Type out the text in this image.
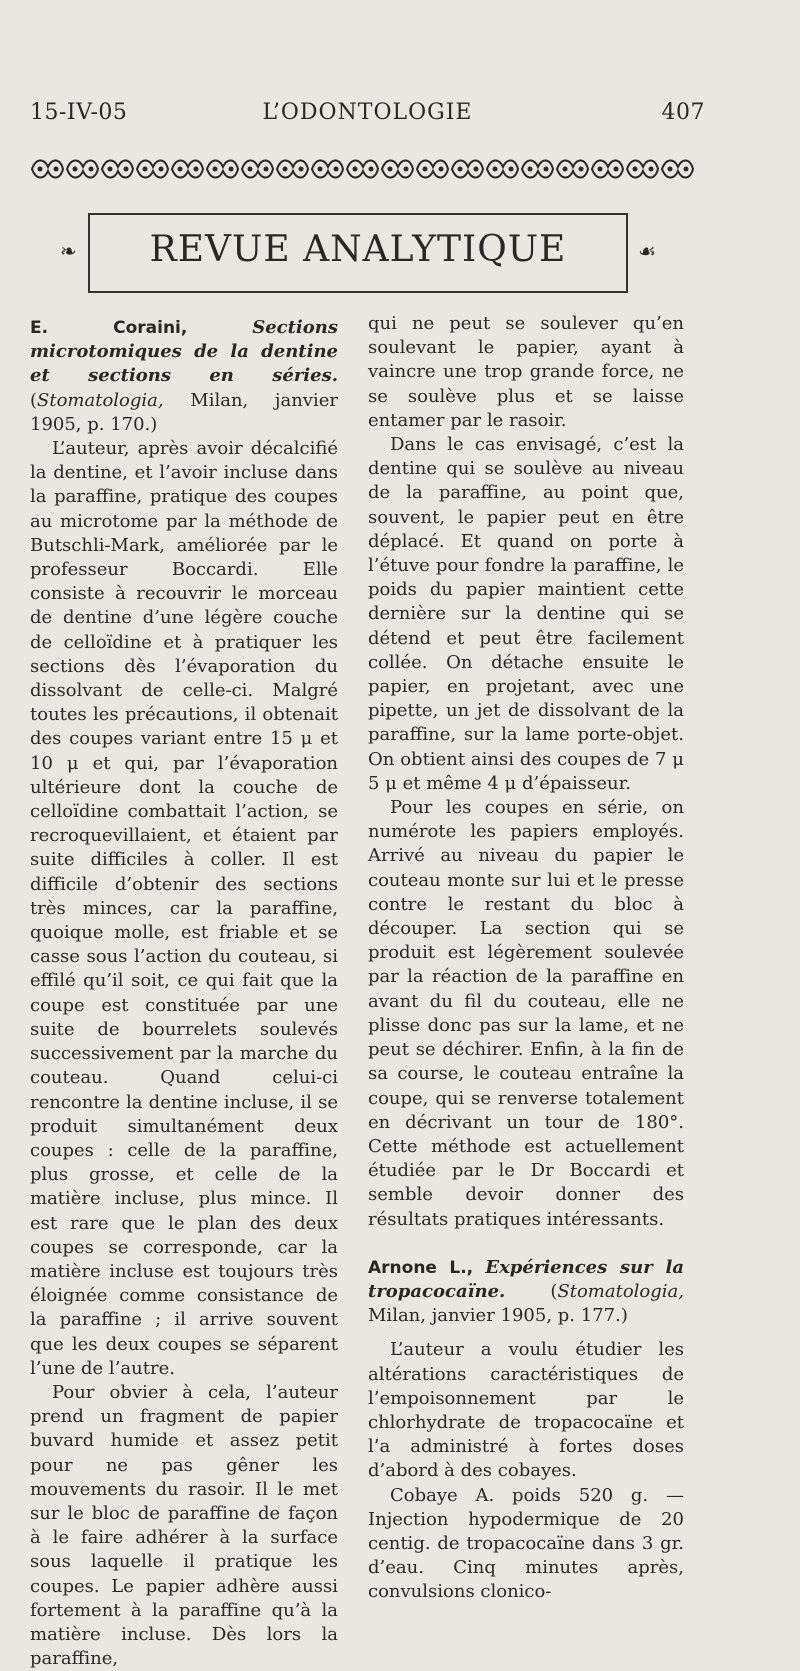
15-IV-05	L’ODONTOLOGIE	407
❧	REVUE ANALYTIQUE	☙

E. Coraini,	Sections microtomiques de la dentine et sections en séries. (Stomatologia, Milan, janvier 1905, p. 170.)

L’auteur, après avoir décalcifié la dentine, et l’avoir incluse dans la paraffine, pratique des coupes au microtome par la méthode de Butschli-Mark, améliorée par le professeur Boccardi. Elle consiste à recouvrir le morceau de dentine d’une légère couche de celloïdine et à pratiquer les sections dès l’évaporation du dissolvant de celle-ci. Malgré toutes les précautions, il obtenait des coupes variant entre 15 μ et 10 μ et qui, par l’évaporation ultérieure dont la couche de celloïdine combattait l’action, se recroquevillaient, et étaient par suite difficiles à coller. Il est difficile d’obtenir des sections très minces, car la paraffine, quoique molle, est friable et se casse sous l’action du couteau, si effilé qu’il soit, ce qui fait que la coupe est constituée par une suite de bourrelets soulevés successivement par la marche du couteau. Quand celui-ci rencontre la dentine incluse, il se produit simultanément deux coupes : celle de la paraffine, plus grosse, et celle de la matière incluse, plus mince. Il est rare que le plan des deux coupes se corresponde, car la matière incluse est toujours très éloignée comme consistance de la paraffine ; il arrive souvent que les deux coupes se séparent l’une de l’autre.

Pour obvier à cela, l’auteur prend un fragment de papier buvard humide et assez petit pour ne pas gêner les mouvements du rasoir. Il le met sur le bloc de paraffine de façon à le faire adhérer à la surface sous laquelle il pratique les coupes. Le papier adhère aussi fortement à la paraffine qu’à la matière incluse. Dès lors la paraffine,

qui ne peut se soulever qu’en soulevant le papier, ayant à vaincre une trop grande force, ne se soulève plus et se laisse entamer par le rasoir.

Dans le cas envisagé, c’est la dentine qui se soulève au niveau de la paraffine, au point que, souvent, le papier peut en être déplacé. Et quand on porte à l’étuve pour fondre la paraffine, le poids du papier maintient cette dernière sur la dentine qui se détend et peut être facilement collée. On détache ensuite le papier, en projetant, avec une pipette, un jet de dissolvant de la paraffine, sur la lame porte-objet. On obtient ainsi des coupes de 7 μ 5 μ et même 4 μ d’épaisseur.

Pour les coupes en série, on numérote les papiers employés. Arrivé au niveau du papier le couteau monte sur lui et le presse contre le restant du bloc à découper. La section qui se produit est légèrement soulevée par la réaction de la paraffine en avant du fil du couteau, elle ne plisse donc pas sur la lame, et ne peut se déchirer. Enfin, à la fin de sa course, le couteau entraîne la coupe, qui se renverse totalement en décrivant un tour de 180°. Cette méthode est actuellement étudiée par le Dr Boccardi et semble devoir donner des résultats pratiques intéressants.

Arnone L., Expériences sur la tropacocaïne. (Stomatologia, Milan, janvier 1905, p. 177.)

L’auteur a voulu étudier les altérations caractéristiques de l’empoisonnement par le chlorhydrate de tropacocaïne et l’a administré à fortes doses d’abord à des cobayes.

Cobaye A. poids 520 g. — Injection hypodermique de 20 centig. de tropacocaïne dans 3 gr. d’eau. Cinq minutes après, convulsions clonico-
